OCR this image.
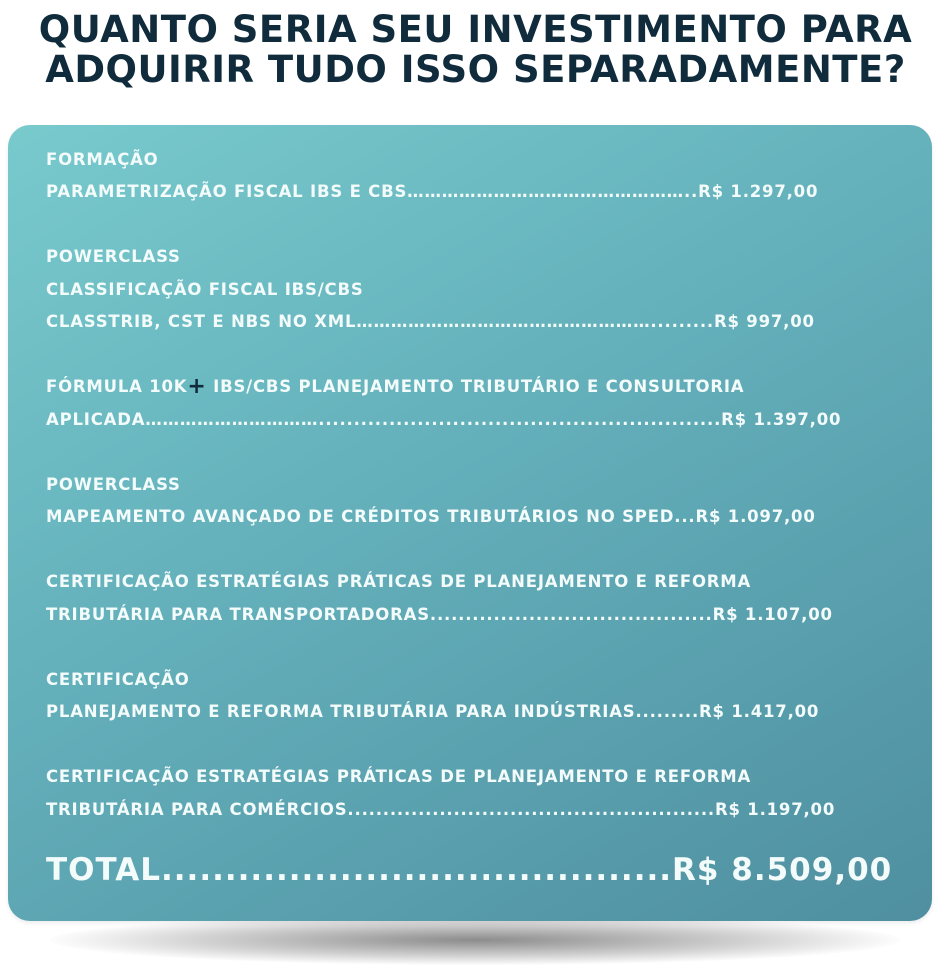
QUANTO SERIA SEU INVESTIMENTO PARA
ADQUIRIR TUDO ISSO SEPARADAMENTE?

FORMAÇÃO

PARAMETRIZAÇÃO FISCAL IBS E CBS…………………………………………..R$ 1.297,00

POWERCLASS

CLASSIFICAÇÃO FISCAL IBS/CBS

CLASSTRIB, CST E NBS NO XML…………………………………………….........R$ 997,00

FÓRMULA 10K+ IBS/CBS PLANEJAMENTO TRIBUTÁRIO E CONSULTORIA

APLICADA………………………….........................................................R$ 1.397,00

POWERCLASS

MAPEAMENTO AVANÇADO DE CRÉDITOS TRIBUTÁRIOS NO SPED...R$ 1.097,00

CERTIFICAÇÃO ESTRATÉGIAS PRÁTICAS DE PLANEJAMENTO E REFORMA

TRIBUTÁRIA PARA TRANSPORTADORAS........................................R$ 1.107,00

CERTIFICAÇÃO

PLANEJAMENTO E REFORMA TRIBUTÁRIA PARA INDÚSTRIAS.........R$ 1.417,00

CERTIFICAÇÃO ESTRATÉGIAS PRÁTICAS DE PLANEJAMENTO E REFORMA

TRIBUTÁRIA PARA COMÉRCIOS....................................................R$ 1.197,00

TOTAL........................................R$ 8.509,00
